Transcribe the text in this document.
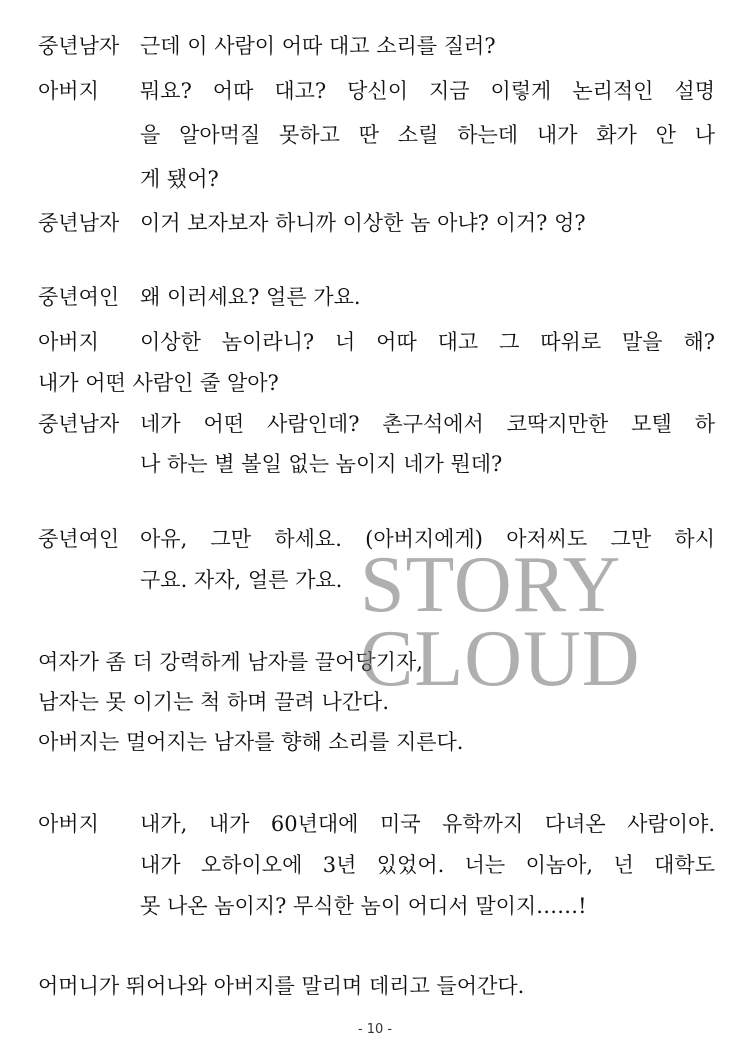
중년남자 근데 이 사람이 어따 대고 소리를 질러?
아버지 뭐요? 어따 대고? 당신이 지금 이렇게 논리적인 설명
을 알아먹질 못하고 딴 소릴 하는데 내가 화가 안 나
게 됐어?
중년남자 이거 보자보자 하니까 이상한 놈 아냐? 이거? 엉?
중년여인 왜 이러세요? 얼른 가요.
아버지 이상한 놈이라니? 너 어따 대고 그 따위로 말을 해?
내가 어떤 사람인 줄 알아?
중년남자 네가 어떤 사람인데? 촌구석에서 코딱지만한 모텔 하
나 하는 별 볼일 없는 놈이지 네가 뭔데?
중년여인 아유, 그만 하세요. (아버지에게) 아저씨도 그만 하시
구요. 자자, 얼른 가요.
여자가 좀 더 강력하게 남자를 끌어당기자,
남자는 못 이기는 척 하며 끌려 나간다.
아버지는 멀어지는 남자를 향해 소리를 지른다.
아버지 내가, 내가 60년대에 미국 유학까지 다녀온 사람이야.
내가 오하이오에 3년 있었어. 너는 이놈아, 넌 대학도
못 나온 놈이지? 무식한 놈이 어디서 말이지……!
어머니가 뛰어나와 아버지를 말리며 데리고 들어간다.
STORY
CLOUD
- 10 -
